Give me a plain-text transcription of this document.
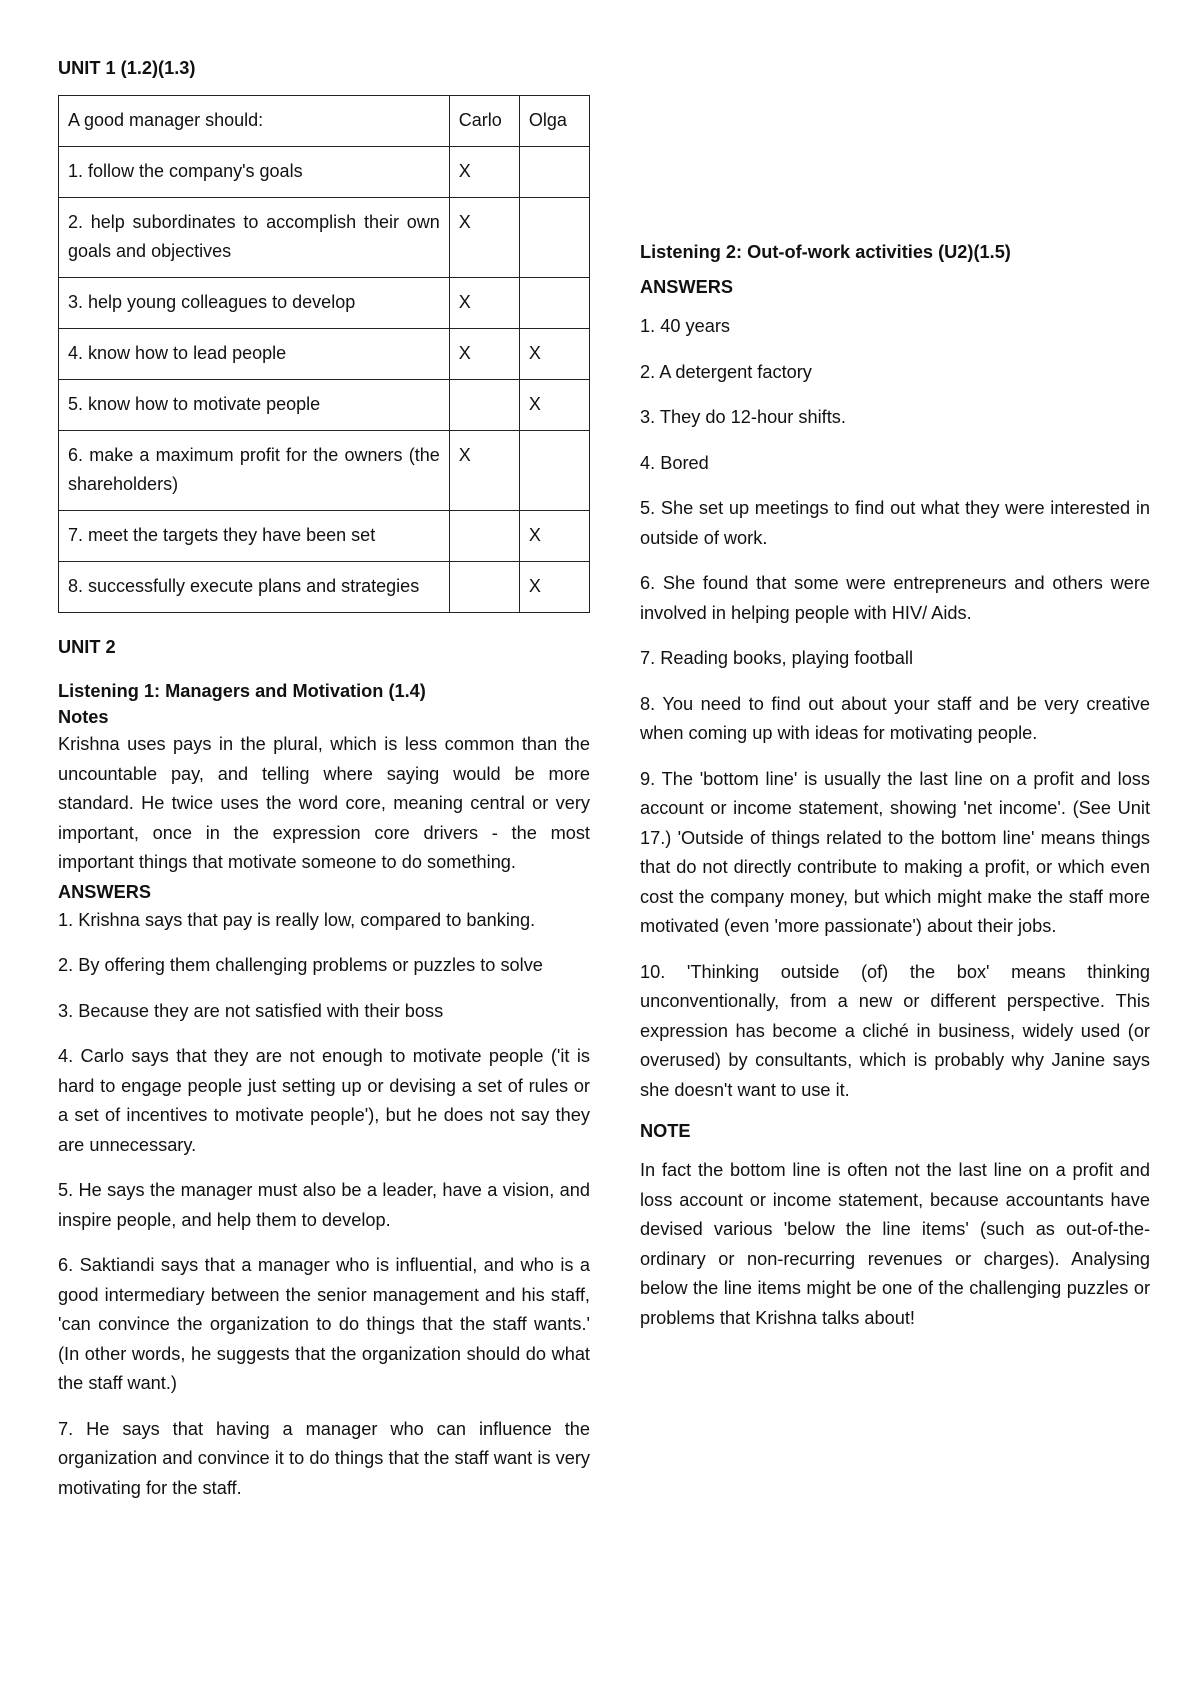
UNIT 1 (1.2)(1.3)

A good manager should:	Carlo	Olga
1. follow the company's goals	X	
2. help subordinates to accomplish their own goals and objectives	X	
3. help young colleagues to develop	X	
4. know how to lead people	X	X
5. know how to motivate people		X
6. make a maximum profit for the owners (the shareholders)	X	
7. meet the targets they have been set		X
8. successfully execute plans and strategies		X

UNIT 2

Listening 1: Managers and Motivation (1.4)

Notes

Krishna uses pays in the plural, which is less common than the uncountable pay, and telling where saying would be more standard. He twice uses the word core, meaning central or very important, once in the expression core drivers - the most important things that motivate someone to do something.

ANSWERS

1. Krishna says that pay is really low, compared to banking.

2. By offering them challenging problems or puzzles to solve

3. Because they are not satisfied with their boss

4. Carlo says that they are not enough to motivate people ('it is hard to engage people just setting up or devising a set of rules or a set of incentives to motivate people'), but he does not say they are unnecessary.

5. He says the manager must also be a leader, have a vision, and inspire people, and help them to develop.

6. Saktiandi says that a manager who is influential, and who is a good intermediary between the senior management and his staff, 'can convince the organization to do things that the staff wants.' (In other words, he suggests that the organization should do what the staff want.)

7. He says that having a manager who can influence the organization and convince it to do things that the staff want is very motivating for the staff.

Listening 2: Out-of-work activities (U2)(1.5)

ANSWERS

1. 40 years

2. A detergent factory

3. They do 12-hour shifts.

4. Bored

5. She set up meetings to find out what they were interested in outside of work.

6. She found that some were entrepreneurs and others were involved in helping people with HIV/ Aids.

7. Reading books, playing football

8. You need to find out about your staff and be very creative when coming up with ideas for motivating people.

9. The 'bottom line' is usually the last line on a profit and loss account or income statement, showing 'net income'. (See Unit 17.) 'Outside of things related to the bottom line' means things that do not directly contribute to making a profit, or which even cost the company money, but which might make the staff more motivated (even 'more passionate') about their jobs.

10. 'Thinking outside (of) the box' means thinking unconventionally, from a new or different perspective. This expression has become a cliché in business, widely used (or overused) by consultants, which is probably why Janine says she doesn't want to use it.

NOTE

In fact the bottom line is often not the last line on a profit and loss account or income statement, because accountants have devised various 'below the line items' (such as out-of-the-ordinary or non-recurring revenues or charges). Analysing below the line items might be one of the challenging puzzles or problems that Krishna talks about!
